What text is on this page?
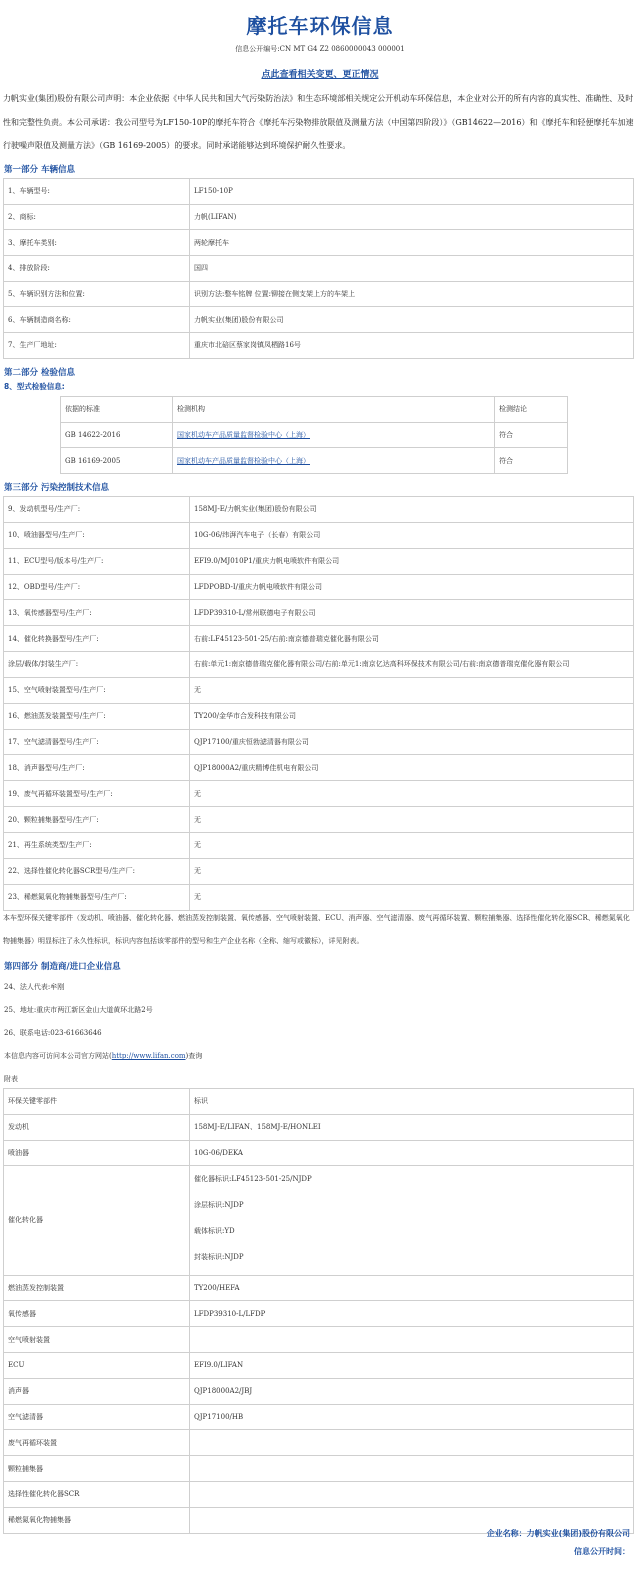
摩托车环保信息
信息公开编号:CN MT G4 Z2 0860000043 000001
点此查看相关变更、更正情况
力帆实业(集团)股份有限公司声明：本企业依据《中华人民共和国大气污染防治法》和生态环境部相关规定公开机动车环保信息，本企业对公开的所有内容的真实性、准确性、及时性和完整性负责。本公司承诺：我公司型号为LF150-10P的摩托车符合《摩托车污染物排放限值及测量方法（中国第四阶段）》（GB14622—2016）和《摩托车和轻便摩托车加速行驶噪声限值及测量方法》（GB 16169-2005）的要求。同时承诺能够达到环境保护耐久性要求。
第一部分 车辆信息
1、车辆型号:	LF150-10P
2、商标:	力帆(LIFAN)
3、摩托车类别:	两轮摩托车
4、排放阶段:	国四
5、车辆识别方法和位置:	识别方法:整车铭牌 位置:铆接在侧支架上方的车架上
6、车辆制造商名称:	力帆实业(集团)股份有限公司
7、生产厂地址:	重庆市北碚区蔡家岗镇凤栖路16号
第二部分 检验信息
8、型式检验信息:
依据的标准	检测机构	检测结论
GB 14622-2016	国家机动车产品质量监督检验中心（上海）	符合
GB 16169-2005	国家机动车产品质量监督检验中心（上海）	符合
第三部分 污染控制技术信息
9、发动机型号/生产厂:	158MJ-E/力帆实业(集团)股份有限公司
10、喷油器型号/生产厂:	10G-06/纬湃汽车电子（长春）有限公司
11、ECU型号/版本号/生产厂:	EFI9.0/MJ010P1/重庆力帆电喷软件有限公司
12、OBD型号/生产厂:	LFDPOBD-Ⅰ/重庆力帆电喷软件有限公司
13、氧传感器型号/生产厂:	LFDP39310-L/常州联德电子有限公司
14、催化转换器型号/生产厂:	右前:LF45123-501-25/右前:南京德普瑞克催化器有限公司
涂层/载体/封装生产厂:	右前:单元1:南京德普瑞克催化器有限公司/右前:单元1:南京亿达高科环保技术有限公司/右前:南京德普瑞克催化器有限公司
15、空气喷射装置型号/生产厂:	无
16、燃油蒸发装置型号/生产厂:	TY200/金华市合发科技有限公司
17、空气滤清器型号/生产厂:	QJP17100/重庆恒勃滤清器有限公司
18、消声器型号/生产厂:	QJP18000A2/重庆精博佳机电有限公司
19、废气再循环装置型号/生产厂:	无
20、颗粒捕集器型号/生产厂:	无
21、再生系统类型/生产厂:	无
22、选择性催化转化器SCR型号/生产厂:	无
23、稀燃氮氧化物捕集器型号/生产厂:	无
本车型环保关键零部件（发动机、喷油器、催化转化器、燃油蒸发控制装置、氧传感器、空气喷射装置、ECU、消声器、空气滤清器、废气再循环装置、颗粒捕集器、选择性催化转化器SCR、稀燃氮氧化物捕集器）明显标注了永久性标识，标识内容包括该零部件的型号和生产企业名称（全称、缩写或徽标），详见附表。
第四部分 制造商/进口企业信息
24、法人代表:牟刚
25、地址:重庆市两江新区金山大道黄环北路2号
26、联系电话:023-61663646
本信息内容可访问本公司官方网站(http://www.lifan.com)查询
附表
环保关键零部件	标识
发动机	158MJ-E/LIFAN、158MJ-E/HONLEI
喷油器	10G-06/DEKA
催化转化器	催化器标识:LF45123-501-25/NJDP
涂层标识:NJDP
载体标识:YD
封装标识:NJDP

燃油蒸发控制装置	TY200/HEFA
氧传感器	LFDP39310-L/LFDP
空气喷射装置	
ECU	EFI9.0/LIFAN
消声器	QJP18000A2/JBJ
空气滤清器	QJP17100/HB
废气再循环装置	
颗粒捕集器	
选择性催化转化器SCR	
稀燃氮氧化物捕集器	
企业名称：力帆实业(集团)股份有限公司
信息公开时间：
